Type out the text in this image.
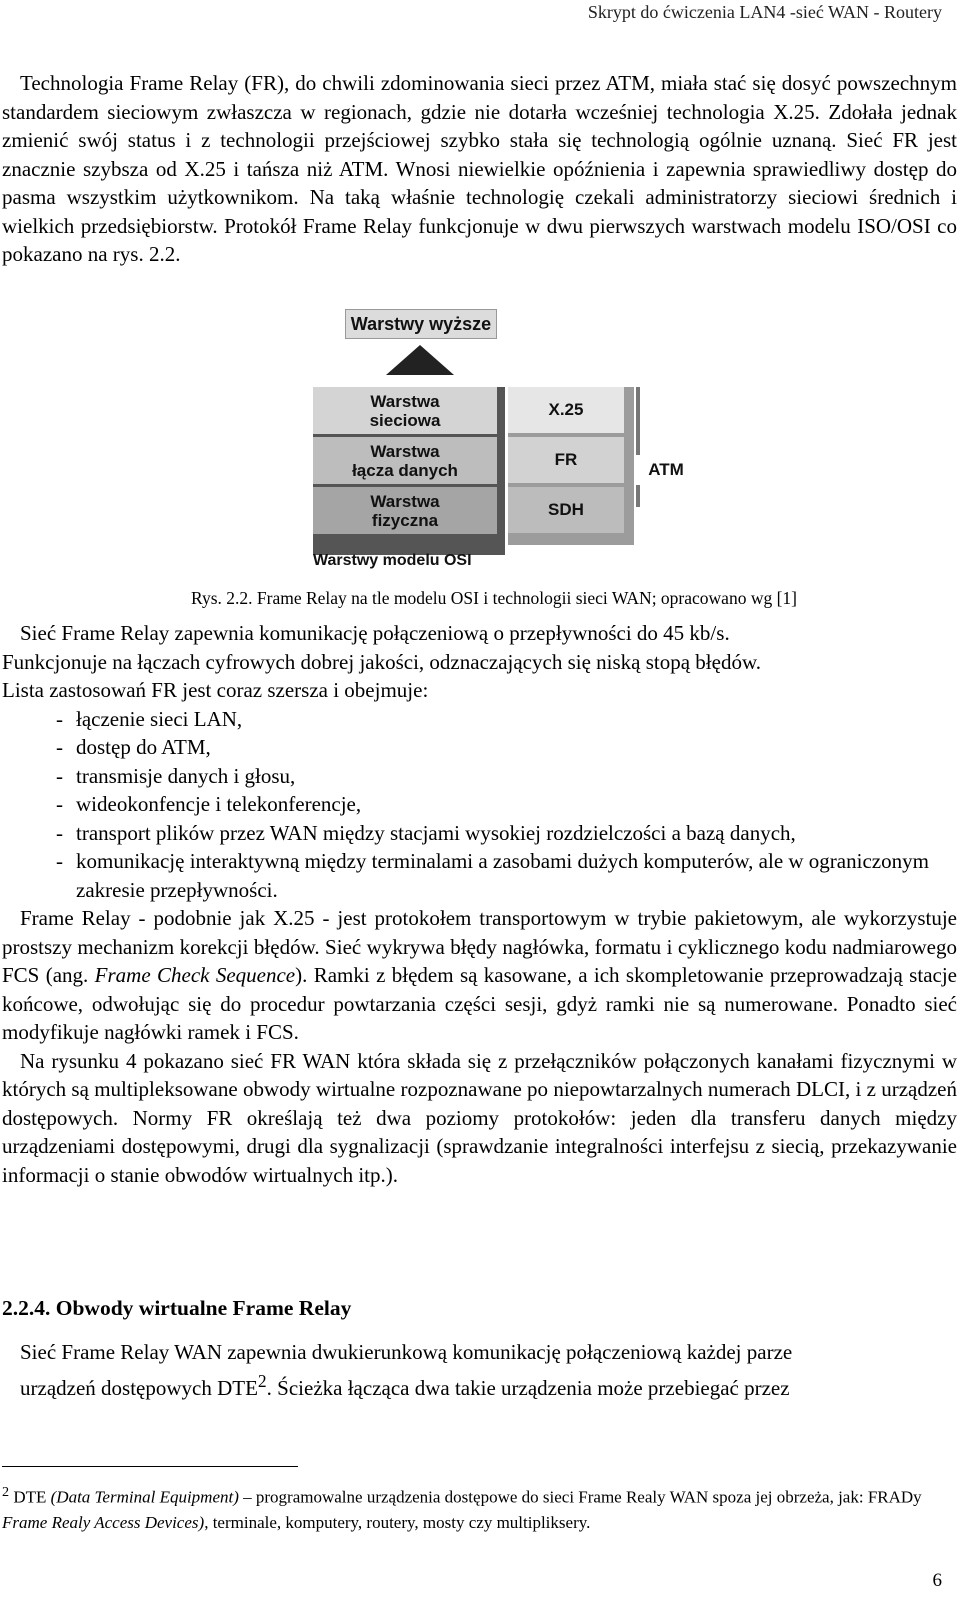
Skrypt do ćwiczenia LAN4 -sieć WAN - Routery

Technologia Frame Relay (FR), do chwili zdominowania sieci przez ATM, miała stać się dosyć powszechnym standardem sieciowym zwłaszcza w regionach, gdzie nie dotarła wcześniej technologia X.25. Zdołała jednak zmienić swój status i z technologii przejściowej szybko stała się technologią ogólnie uznaną. Sieć FR jest znacznie szybsza od X.25 i tańsza niż ATM. Wnosi niewielkie opóźnienia i zapewnia sprawiedliwy dostęp do pasma wszystkim użytkownikom. Na taką właśnie technologię czekali administratorzy sieciowi średnich i wielkich przedsiębiorstw. Protokół Frame Relay funkcjonuje w dwu pierwszych warstwach modelu ISO/OSI co pokazano na rys. 2.2.

Warstwy wyższe
Warstwa
sieciowa
Warstwa
łącza danych
Warstwa
fizyczna
X.25
FR
SDH
ATM
Warstwy modelu OSI
Rys. 2.2. Frame Relay na tle modelu OSI i technologii sieci WAN; opracowano wg [1]

Sieć Frame Relay zapewnia komunikację połączeniową o przepływności do 45 kb/s.

Funkcjonuje na łączach cyfrowych dobrej jakości, odznaczających się niską stopą błędów.

Lista zastosowań FR jest coraz szersza i obejmuje:

- łączenie sieci LAN,
- dostęp do ATM,
- transmisje danych i głosu,
- wideokonfencje i telekonferencje,
- transport plików przez WAN między stacjami wysokiej rozdzielczości a bazą danych,
- komunikację interaktywną między terminalami a zasobami dużych komputerów, ale w ograniczonym zakresie przepływności.

Frame Relay - podobnie jak X.25 - jest protokołem transportowym w trybie pakietowym, ale wykorzystuje prostszy mechanizm korekcji błędów. Sieć wykrywa błędy nagłówka, formatu i cyklicznego kodu nadmiarowego FCS (ang. Frame Check Sequence). Ramki z błędem są kasowane, a ich skompletowanie przeprowadzają stacje końcowe, odwołując się do procedur powtarzania części sesji, gdyż ramki nie są numerowane. Ponadto sieć modyfikuje nagłówki ramek i FCS.

Na rysunku 4 pokazano sieć FR WAN która składa się z przełączników połączonych kanałami fizycznymi w których są multipleksowane obwody wirtualne rozpoznawane po niepowtarzalnych numerach DLCI, i z urządzeń dostępowych. Normy FR określają też dwa poziomy protokołów: jeden dla transferu danych między urządzeniami dostępowymi, drugi dla sygnalizacji (sprawdzanie integralności interfejsu z siecią, przekazywanie informacji o stanie obwodów wirtualnych itp.).

2.2.4. Obwody wirtualne Frame Relay

Sieć Frame Relay WAN zapewnia dwukierunkową komunikację połączeniową każdej parze

urządzeń dostępowych DTE$^2$. Ścieżka łącząca dwa takie urządzenia może przebiegać przez

$^2$ DTE (Data Terminal Equipment) – programowalne urządzenia dostępowe do sieci Frame Realy WAN spoza jej obrzeża, jak: FRADy Frame Realy Access Devices), terminale, komputery, routery, mosty czy multipliksery.
6
